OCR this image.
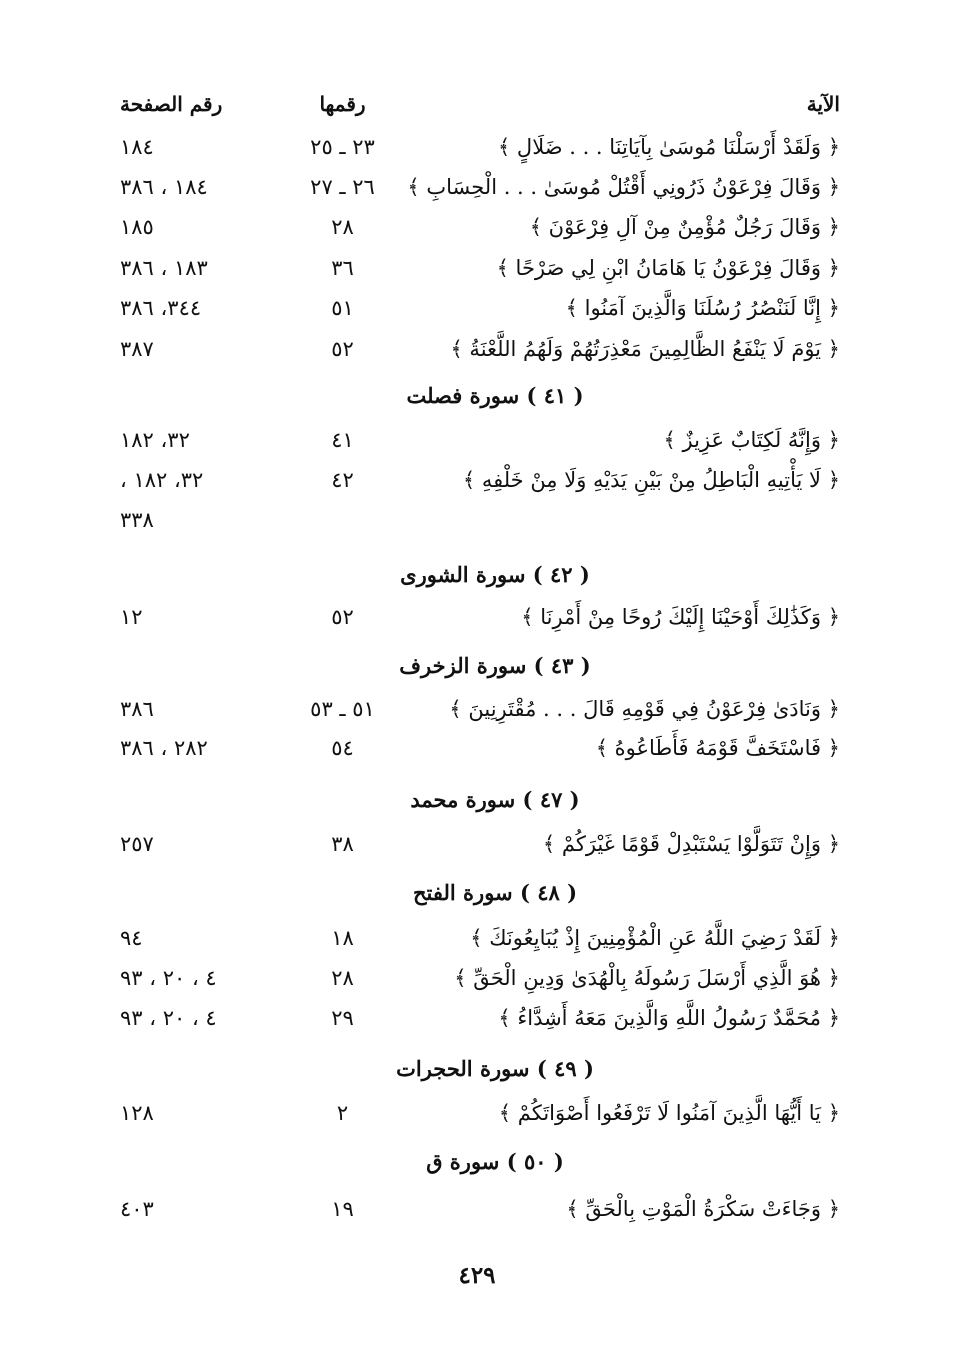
الآية
رقمها
رقم الصفحة
﴿ وَلَقَدْ أَرْسَلْنَا مُوسَىٰ بِآيَاتِنَا . . . ضَلَالٍ ﴾
٢٣ ـ ٢٥
١٨٤
﴿ وَقَالَ فِرْعَوْنُ ذَرُونِي أَقْتُلْ مُوسَىٰ . . . الْحِسَابِ ﴾
٢٦ ـ ٢٧
١٨٤ ، ٣٨٦
﴿ وَقَالَ رَجُلٌ مُؤْمِنٌ مِنْ آلِ فِرْعَوْنَ ﴾
٢٨
١٨٥
﴿ وَقَالَ فِرْعَوْنُ يَا هَامَانُ ابْنِ لِي صَرْحًا ﴾
٣٦
١٨٣ ، ٣٨٦
﴿ إِنَّا لَنَنْصُرُ رُسُلَنَا وَالَّذِينَ آمَنُوا ﴾
٥١
٣٤٤، ٣٨٦
﴿ يَوْمَ لَا يَنْفَعُ الظَّالِمِينَ مَعْذِرَتُهُمْ وَلَهُمُ اللَّعْنَةُ ﴾
٥٢
٣٨٧
( ٤١ ) سورة فصلت
﴿ وَإِنَّهُ لَكِتَابٌ عَزِيزٌ ﴾
٤١
٣٢، ١٨٢
﴿ لَا يَأْتِيهِ الْبَاطِلُ مِنْ بَيْنِ يَدَيْهِ وَلَا مِنْ خَلْفِهِ ﴾
٤٢
٣٢، ١٨٢ ،
٣٣٨
( ٤٢ ) سورة الشورى
﴿ وَكَذَٰلِكَ أَوْحَيْنَا إِلَيْكَ رُوحًا مِنْ أَمْرِنَا ﴾
٥٢
١٢
( ٤٣ ) سورة الزخرف
﴿ وَنَادَىٰ فِرْعَوْنُ فِي قَوْمِهِ قَالَ . . . مُقْتَرِنِينَ ﴾
٥١ ـ ٥٣
٣٨٦
﴿ فَاسْتَخَفَّ قَوْمَهُ فَأَطَاعُوهُ ﴾
٥٤
٢٨٢ ، ٣٨٦
( ٤٧ ) سورة محمد
﴿ وَإِنْ تَتَوَلَّوْا يَسْتَبْدِلْ قَوْمًا غَيْرَكُمْ ﴾
٣٨
٢٥٧
( ٤٨ ) سورة الفتح
﴿ لَقَدْ رَضِيَ اللَّهُ عَنِ الْمُؤْمِنِينَ إِذْ يُبَايِعُونَكَ ﴾
١٨
٩٤
﴿ هُوَ الَّذِي أَرْسَلَ رَسُولَهُ بِالْهُدَىٰ وَدِينِ الْحَقِّ ﴾
٢٨
٤ ، ٢٠ ، ٩٣
﴿ مُحَمَّدٌ رَسُولُ اللَّهِ وَالَّذِينَ مَعَهُ أَشِدَّاءُ ﴾
٢٩
٤ ، ٢٠ ، ٩٣
( ٤٩ ) سورة الحجرات
﴿ يَا أَيُّهَا الَّذِينَ آمَنُوا لَا تَرْفَعُوا أَصْوَاتَكُمْ ﴾
٢
١٢٨
( ٥٠ ) سورة ق
﴿ وَجَاءَتْ سَكْرَةُ الْمَوْتِ بِالْحَقِّ ﴾
١٩
٤٠٣
٤٢٩
